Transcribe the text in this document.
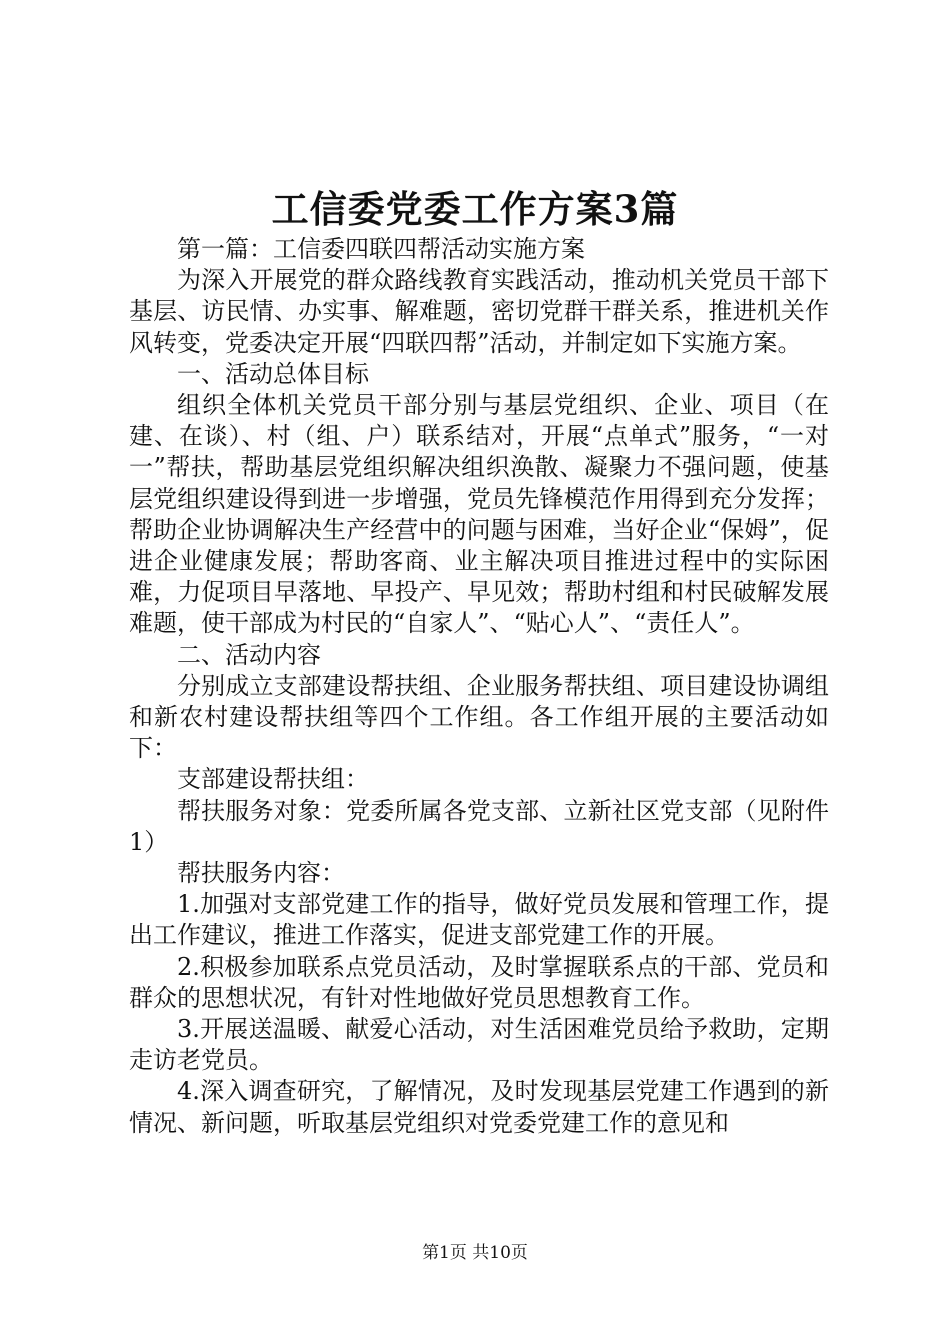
工信委党委工作方案3篇

第一篇：工信委四联四帮活动实施方案

为深入开展党的群众路线教育实践活动，推动机关党员干部下基层、访民情、办实事、解难题，密切党群干群关系，推进机关作风转变，党委决定开展“四联四帮”活动，并制定如下实施方案。

一、活动总体目标

组织全体机关党员干部分别与基层党组织、企业、项目（在建、在谈）、村（组、户）联系结对，开展“点单式”服务，“一对一”帮扶，帮助基层党组织解决组织涣散、凝聚力不强问题，使基层党组织建设得到进一步增强，党员先锋模范作用得到充分发挥；帮助企业协调解决生产经营中的问题与困难，当好企业“保姆”，促进企业健康发展；帮助客商、业主解决项目推进过程中的实际困难，力促项目早落地、早投产、早见效；帮助村组和村民破解发展难题，使干部成为村民的“自家人”、“贴心人”、“责任人”。

二、活动内容

分别成立支部建设帮扶组、企业服务帮扶组、项目建设协调组和新农村建设帮扶组等四个工作组。各工作组开展的主要活动如下：

支部建设帮扶组：

帮扶服务对象：党委所属各党支部、立新社区党支部（见附件1）

帮扶服务内容：

1.加强对支部党建工作的指导，做好党员发展和管理工作，提出工作建议，推进工作落实，促进支部党建工作的开展。

2.积极参加联系点党员活动，及时掌握联系点的干部、党员和群众的思想状况，有针对性地做好党员思想教育工作。

3.开展送温暖、献爱心活动，对生活困难党员给予救助，定期走访老党员。

4.深入调查研究，了解情况，及时发现基层党建工作遇到的新情况、新问题，听取基层党组织对党委党建工作的意见和

第1页 共10页
